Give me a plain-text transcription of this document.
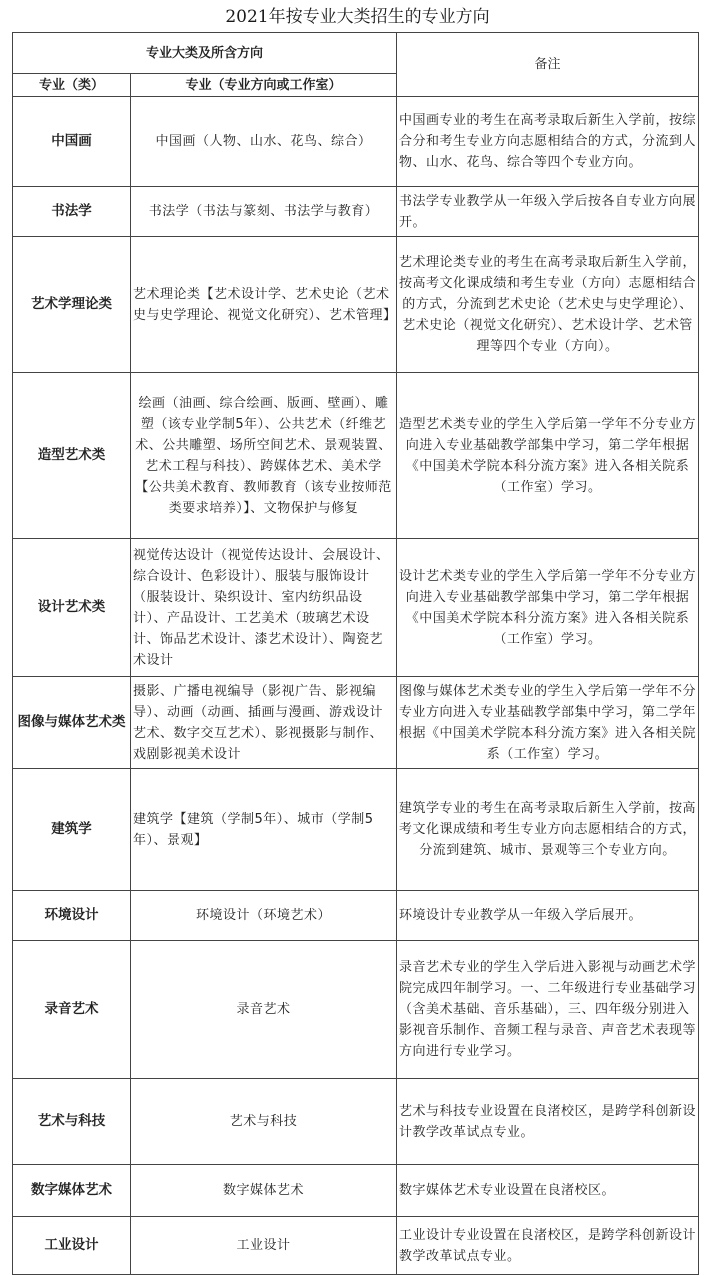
2021年按专业大类招生的专业方向
专业大类及所含方向		备注
专业（类）	专业（专业方向或工作室）	
中国画	中国画（人物、山水、花鸟、综合）	中国画专业的考生在高考录取后新生入学前，按综合分和考生专业方向志愿相结合的方式，分流到人物、山水、花鸟、综合等四个专业方向。
书法学	书法学（书法与篆刻、书法学与教育）	书法学专业教学从一年级入学后按各自专业方向展开。
艺术学理论类	艺术理论类【艺术设计学、艺术史论（艺术史与史学理论、视觉文化研究）、艺术管理】	艺术理论类专业的考生在高考录取后新生入学前，按高考文化课成绩和考生专业（方向）志愿相结合的方式，分流到艺术史论（艺术史与史学理论）、艺术史论（视觉文化研究）、艺术设计学、艺术管理等四个专业（方向）。
造型艺术类	绘画（油画、综合绘画、版画、壁画）、雕塑（该专业学制5年）、公共艺术（纤维艺术、公共雕塑、场所空间艺术、景观装置、艺术工程与科技）、跨媒体艺术、美术学【公共美术教育、教师教育（该专业按师范类要求培养）】、文物保护与修复	造型艺术类专业的学生入学后第一学年不分专业方向进入专业基础教学部集中学习，第二学年根据《中国美术学院本科分流方案》进入各相关院系（工作室）学习。
设计艺术类	视觉传达设计（视觉传达设计、会展设计、综合设计、色彩设计）、服装与服饰设计（服装设计、染织设计、室内纺织品设计）、产品设计、工艺美术（玻璃艺术设计、饰品艺术设计、漆艺术设计）、陶瓷艺术设计	设计艺术类专业的学生入学后第一学年不分专业方向进入专业基础教学部集中学习，第二学年根据《中国美术学院本科分流方案》进入各相关院系（工作室）学习。
图像与媒体艺术类	摄影、广播电视编导（影视广告、影视编导）、动画（动画、插画与漫画、游戏设计艺术、数字交互艺术）、影视摄影与制作、戏剧影视美术设计	图像与媒体艺术类专业的学生入学后第一学年不分专业方向进入专业基础教学部集中学习，第二学年根据《中国美术学院本科分流方案》进入各相关院系（工作室）学习。
建筑学	建筑学【建筑（学制5年）、城市（学制5年）、景观】	建筑学专业的考生在高考录取后新生入学前，按高考文化课成绩和考生专业方向志愿相结合的方式，分流到建筑、城市、景观等三个专业方向。
环境设计	环境设计（环境艺术）	环境设计专业教学从一年级入学后展开。
录音艺术	录音艺术	录音艺术专业的学生入学后进入影视与动画艺术学院完成四年制学习。一、二年级进行专业基础学习（含美术基础、音乐基础），三、四年级分别进入影视音乐制作、音频工程与录音、声音艺术表现等方向进行专业学习。
艺术与科技	艺术与科技	艺术与科技专业设置在良渚校区，是跨学科创新设计教学改革试点专业。
数字媒体艺术	数字媒体艺术	数字媒体艺术专业设置在良渚校区。
工业设计	工业设计	工业设计专业设置在良渚校区，是跨学科创新设计教学改革试点专业。
